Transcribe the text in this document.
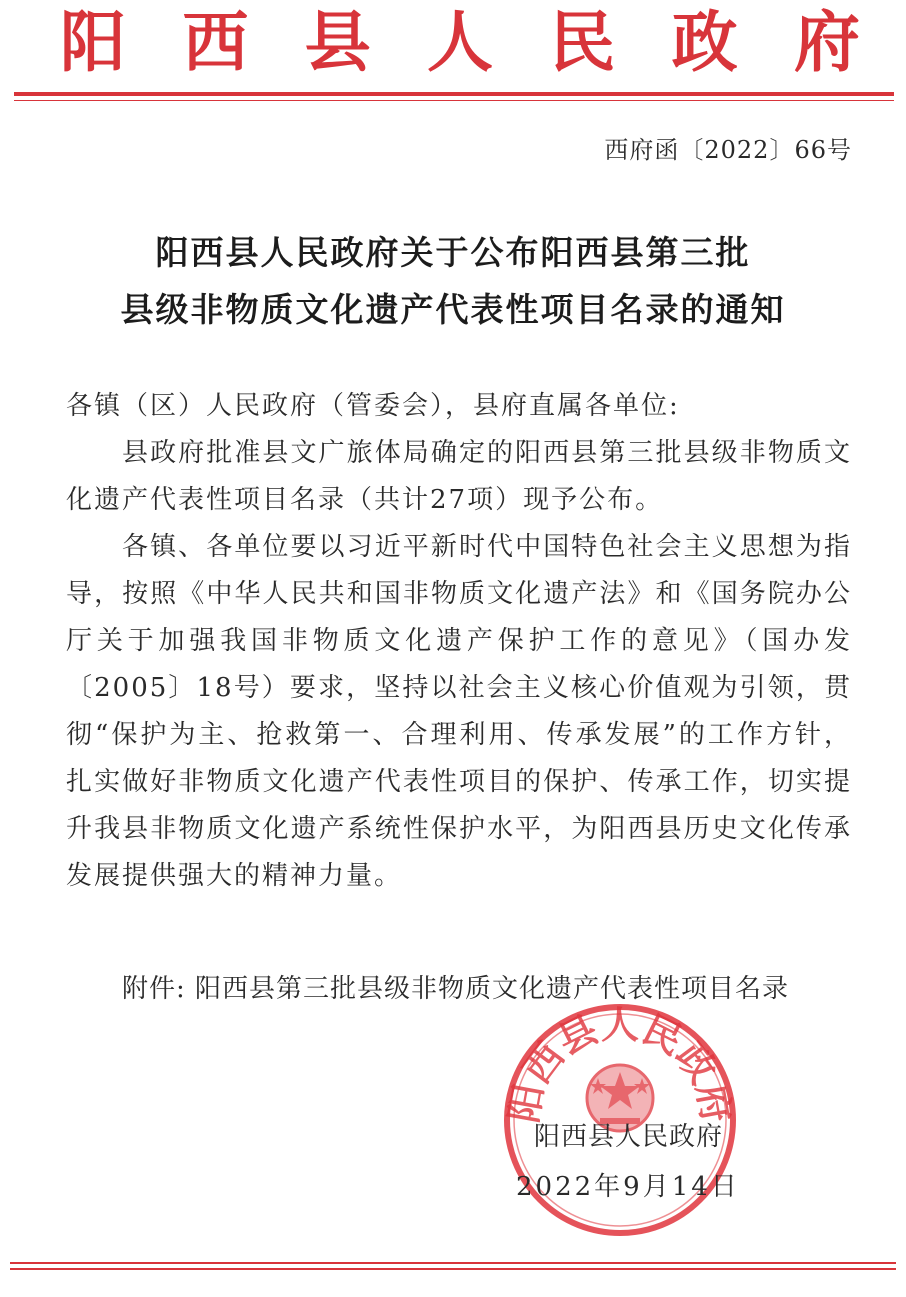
阳 西 县 人 民 政 府
西府函〔2022〕66号
阳西县人民政府关于公布阳西县第三批
县级非物质文化遗产代表性项目名录的通知
各镇（区）人民政府（管委会），县府直属各单位:
县政府批准县文广旅体局确定的阳西县第三批县级非物质文化遗产代表性项目名录（共计27项）现予公布。
各镇、各单位要以习近平新时代中国特色社会主义思想为指导，按照《中华人民共和国非物质文化遗产法》和《国务院办公厅关于加强我国非物质文化遗产保护工作的意见》（国办发〔2005〕18号）要求，坚持以社会主义核心价值观为引领，贯彻“保护为主、抢救第一、合理利用、传承发展”的工作方针，扎实做好非物质文化遗产代表性项目的保护、传承工作，切实提升我县非物质文化遗产系统性保护水平，为阳西县历史文化传承发展提供强大的精神力量。
附件: 阳西县第三批县级非物质文化遗产代表性项目名录
阳西县人民政府
阳西县人民政府
2022年9月14日
